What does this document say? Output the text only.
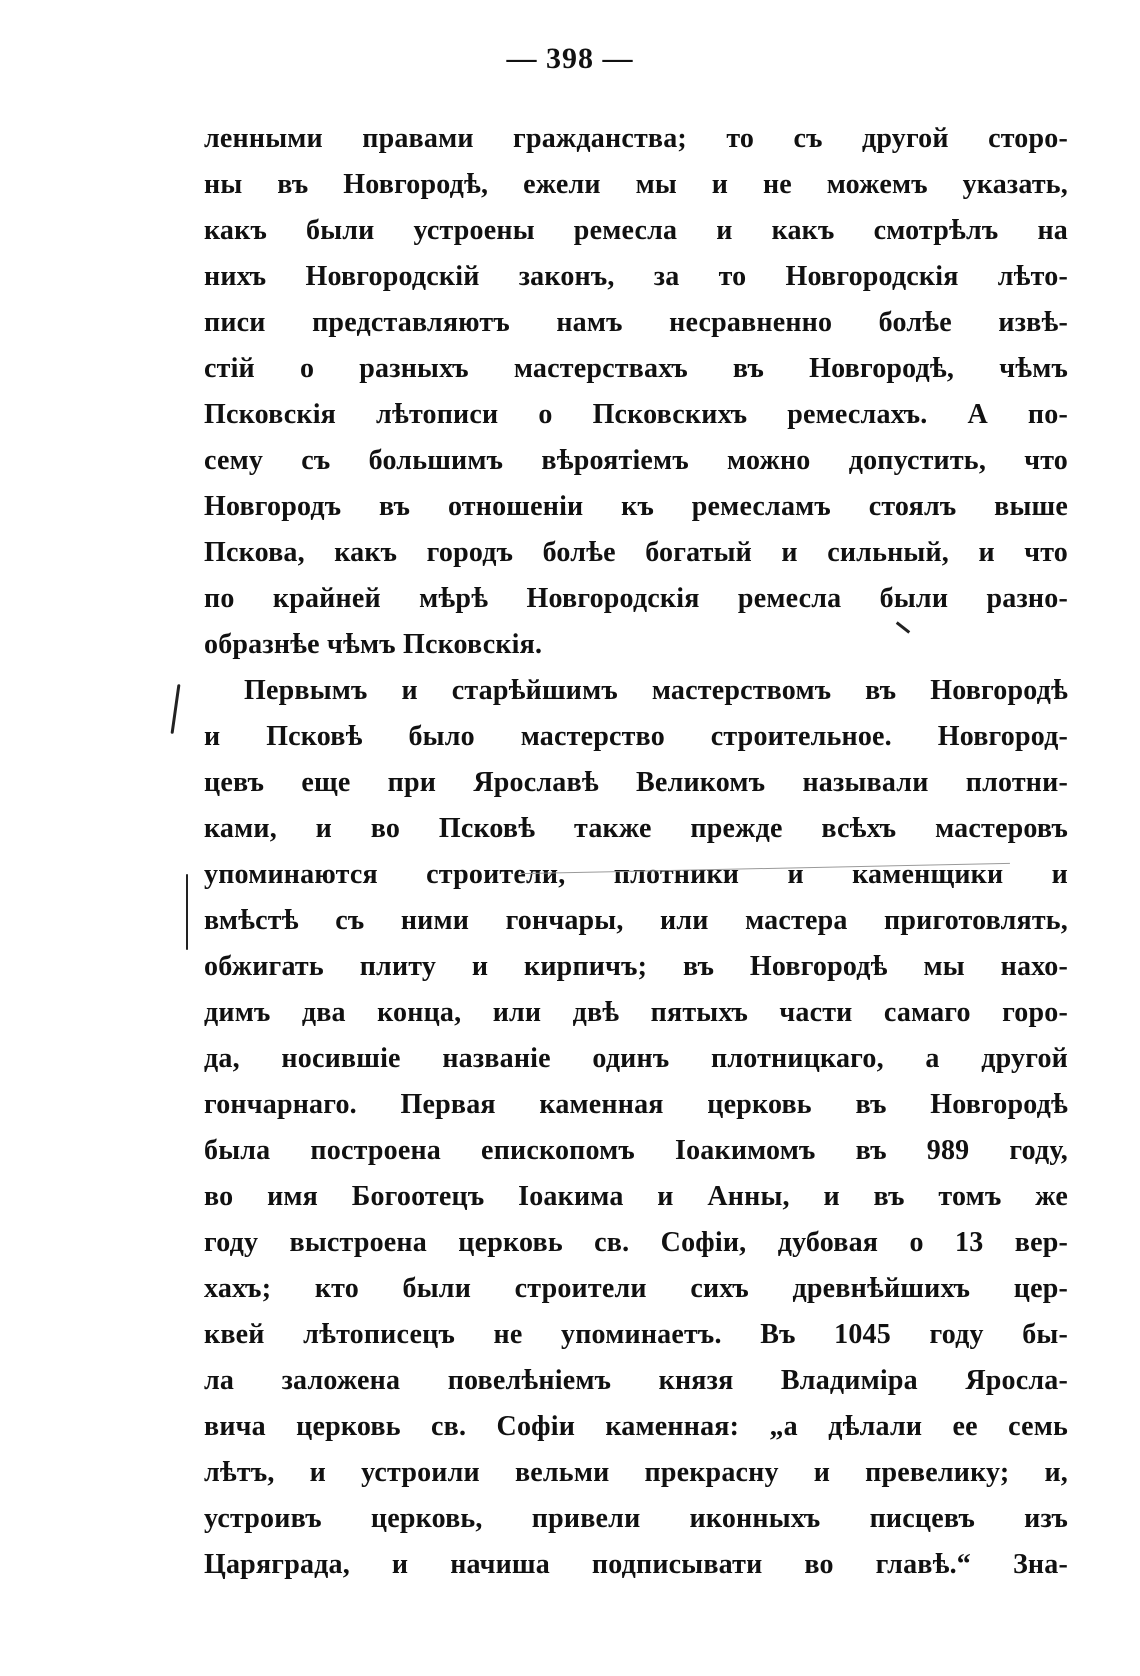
— 398 —
ленными правами гражданства; то съ другой сторо-
ны въ Новгородѣ, ежели мы и не можемъ указать,
какъ были устроены ремесла и какъ смотрѣлъ на
нихъ Новгородскій законъ, за то Новгородскія лѣто-
писи представляютъ намъ несравненно болѣе извѣ-
стій о разныхъ мастерствахъ въ Новгородѣ, чѣмъ
Псковскія лѣтописи о Псковскихъ ремеслахъ. А по-
сему съ большимъ вѣроятіемъ можно допустить, что
Новгородъ въ отношеніи къ ремесламъ стоялъ выше
Пскова, какъ городъ болѣе богатый и сильный, и что
по крайней мѣрѣ Новгородскія ремесла были разно-
образнѣе чѣмъ Псковскія.
Первымъ и старѣйшимъ мастерствомъ въ Новгородѣ
и Псковѣ было мастерство строительное. Новгород-
цевъ еще при Ярославѣ Великомъ называли плотни-
ками, и во Псковѣ также прежде всѣхъ мастеровъ
упоминаются строители, плотники и каменщики и
вмѣстѣ съ ними гончары, или мастера приготовлять,
обжигать плиту и кирпичъ; въ Новгородѣ мы нахо-
димъ два конца, или двѣ пятыхъ части самаго горо-
да, носившіе названіе одинъ плотницкаго, а другой
гончарнаго. Первая каменная церковь въ Новгородѣ
была построена епископомъ Іоакимомъ въ 989 году,
во имя Богоотецъ Іоакима и Анны, и въ томъ же
году выстроена церковь св. Софіи, дубовая о 13 вер-
хахъ; кто были строители сихъ древнѣйшихъ цер-
квей лѣтописецъ не упоминаетъ. Въ 1045 году бы-
ла заложена повелѣніемъ князя Владиміра Яросла-
вича церковь св. Софіи каменная: „а дѣлали ее семь
лѣтъ, и устроили вельми прекрасну и превелику; и,
устроивъ церковь, привели иконныхъ писцевъ изъ
Царяграда, и начиша подписывати во главѣ.“ Зна-
